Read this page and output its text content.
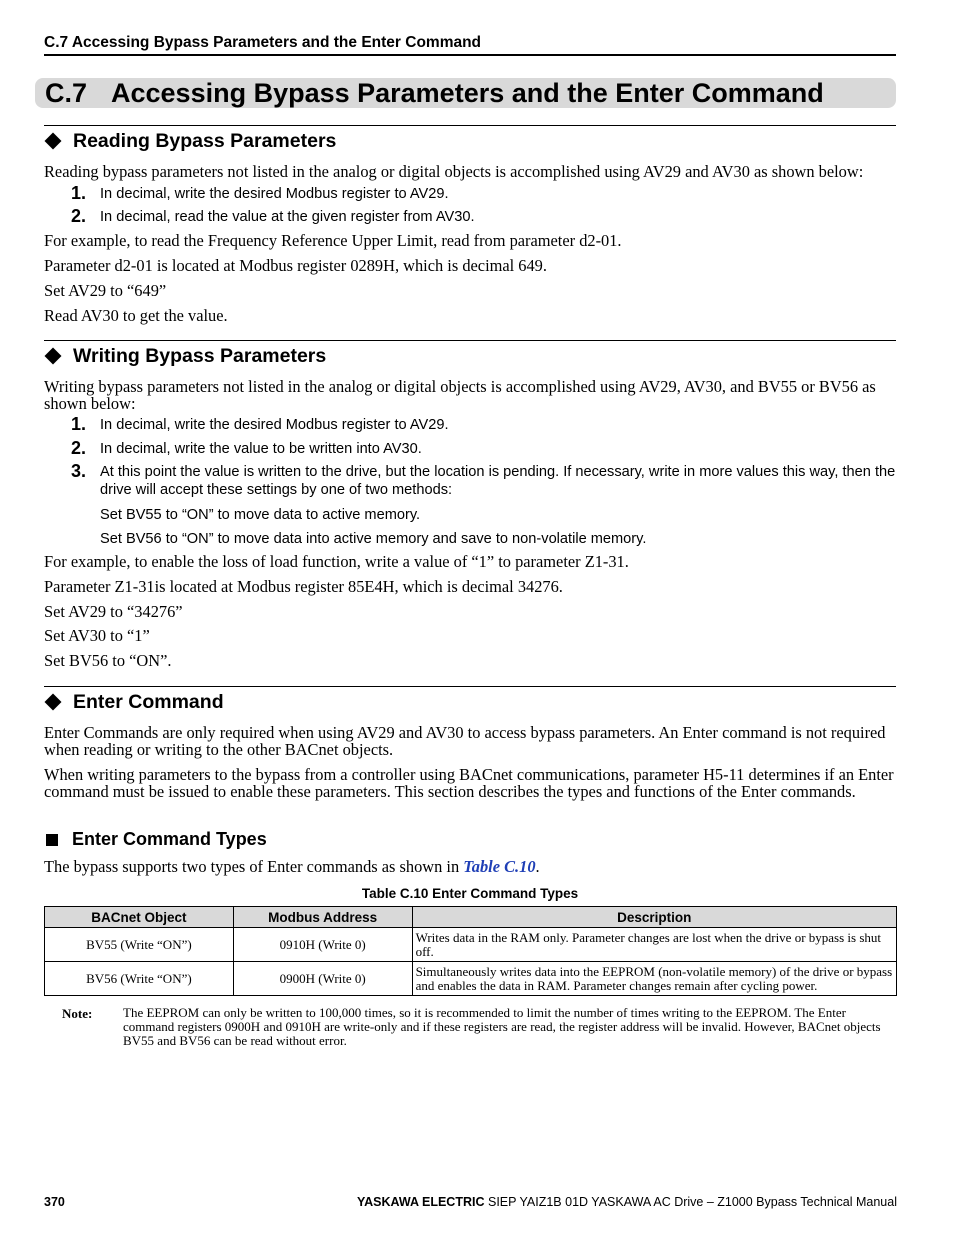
C.7 Accessing Bypass Parameters and the Enter Command
C.7 Accessing Bypass Parameters and the Enter Command
Reading Bypass Parameters
Reading bypass parameters not listed in the analog or digital objects is accomplished using AV29 and AV30 as shown below:
1. In decimal, write the desired Modbus register to AV29.
2. In decimal, read the value at the given register from AV30.
For example, to read the Frequency Reference Upper Limit, read from parameter d2-01.
Parameter d2-01 is located at Modbus register 0289H, which is decimal 649.
Set AV29 to “649”
Read AV30 to get the value.
Writing Bypass Parameters
Writing bypass parameters not listed in the analog or digital objects is accomplished using AV29, AV30, and BV55 or BV56 as shown below:
1. In decimal, write the desired Modbus register to AV29.
2. In decimal, write the value to be written into AV30.
3. At this point the value is written to the drive, but the location is pending. If necessary, write in more values this way, then the drive will accept these settings by one of two methods:
Set BV55 to “ON” to move data to active memory.
Set BV56 to “ON” to move data into active memory and save to non-volatile memory.
For example, to enable the loss of load function, write a value of “1” to parameter Z1-31.
Parameter Z1-31is located at Modbus register 85E4H, which is decimal 34276.
Set AV29 to “34276”
Set AV30 to “1”
Set BV56 to “ON”.
Enter Command
Enter Commands are only required when using AV29 and AV30 to access bypass parameters. An Enter command is not required when reading or writing to the other BACnet objects.
When writing parameters to the bypass from a controller using BACnet communications, parameter H5-11 determines if an Enter command must be issued to enable these parameters. This section describes the types and functions of the Enter commands.
Enter Command Types
The bypass supports two types of Enter commands as shown in Table C.10.
Table C.10 Enter Command Types
BACnet Object	Modbus Address	Description
BV55 (Write “ON”)	0910H (Write 0)	Writes data in the RAM only. Parameter changes are lost when the drive or bypass is shut off.
BV56 (Write “ON”)	0900H (Write 0)	Simultaneously writes data into the EEPROM (non-volatile memory) of the drive or bypass and enables the data in RAM. Parameter changes remain after cycling power.
Note: The EEPROM can only be written to 100,000 times, so it is recommended to limit the number of times writing to the EEPROM. The Enter command registers 0900H and 0910H are write-only and if these registers are read, the register address will be invalid. However, BACnet objects BV55 and BV56 can be read without error.
370	YASKAWA ELECTRIC SIEP YAIZ1B 01D YASKAWA AC Drive – Z1000 Bypass Technical Manual
